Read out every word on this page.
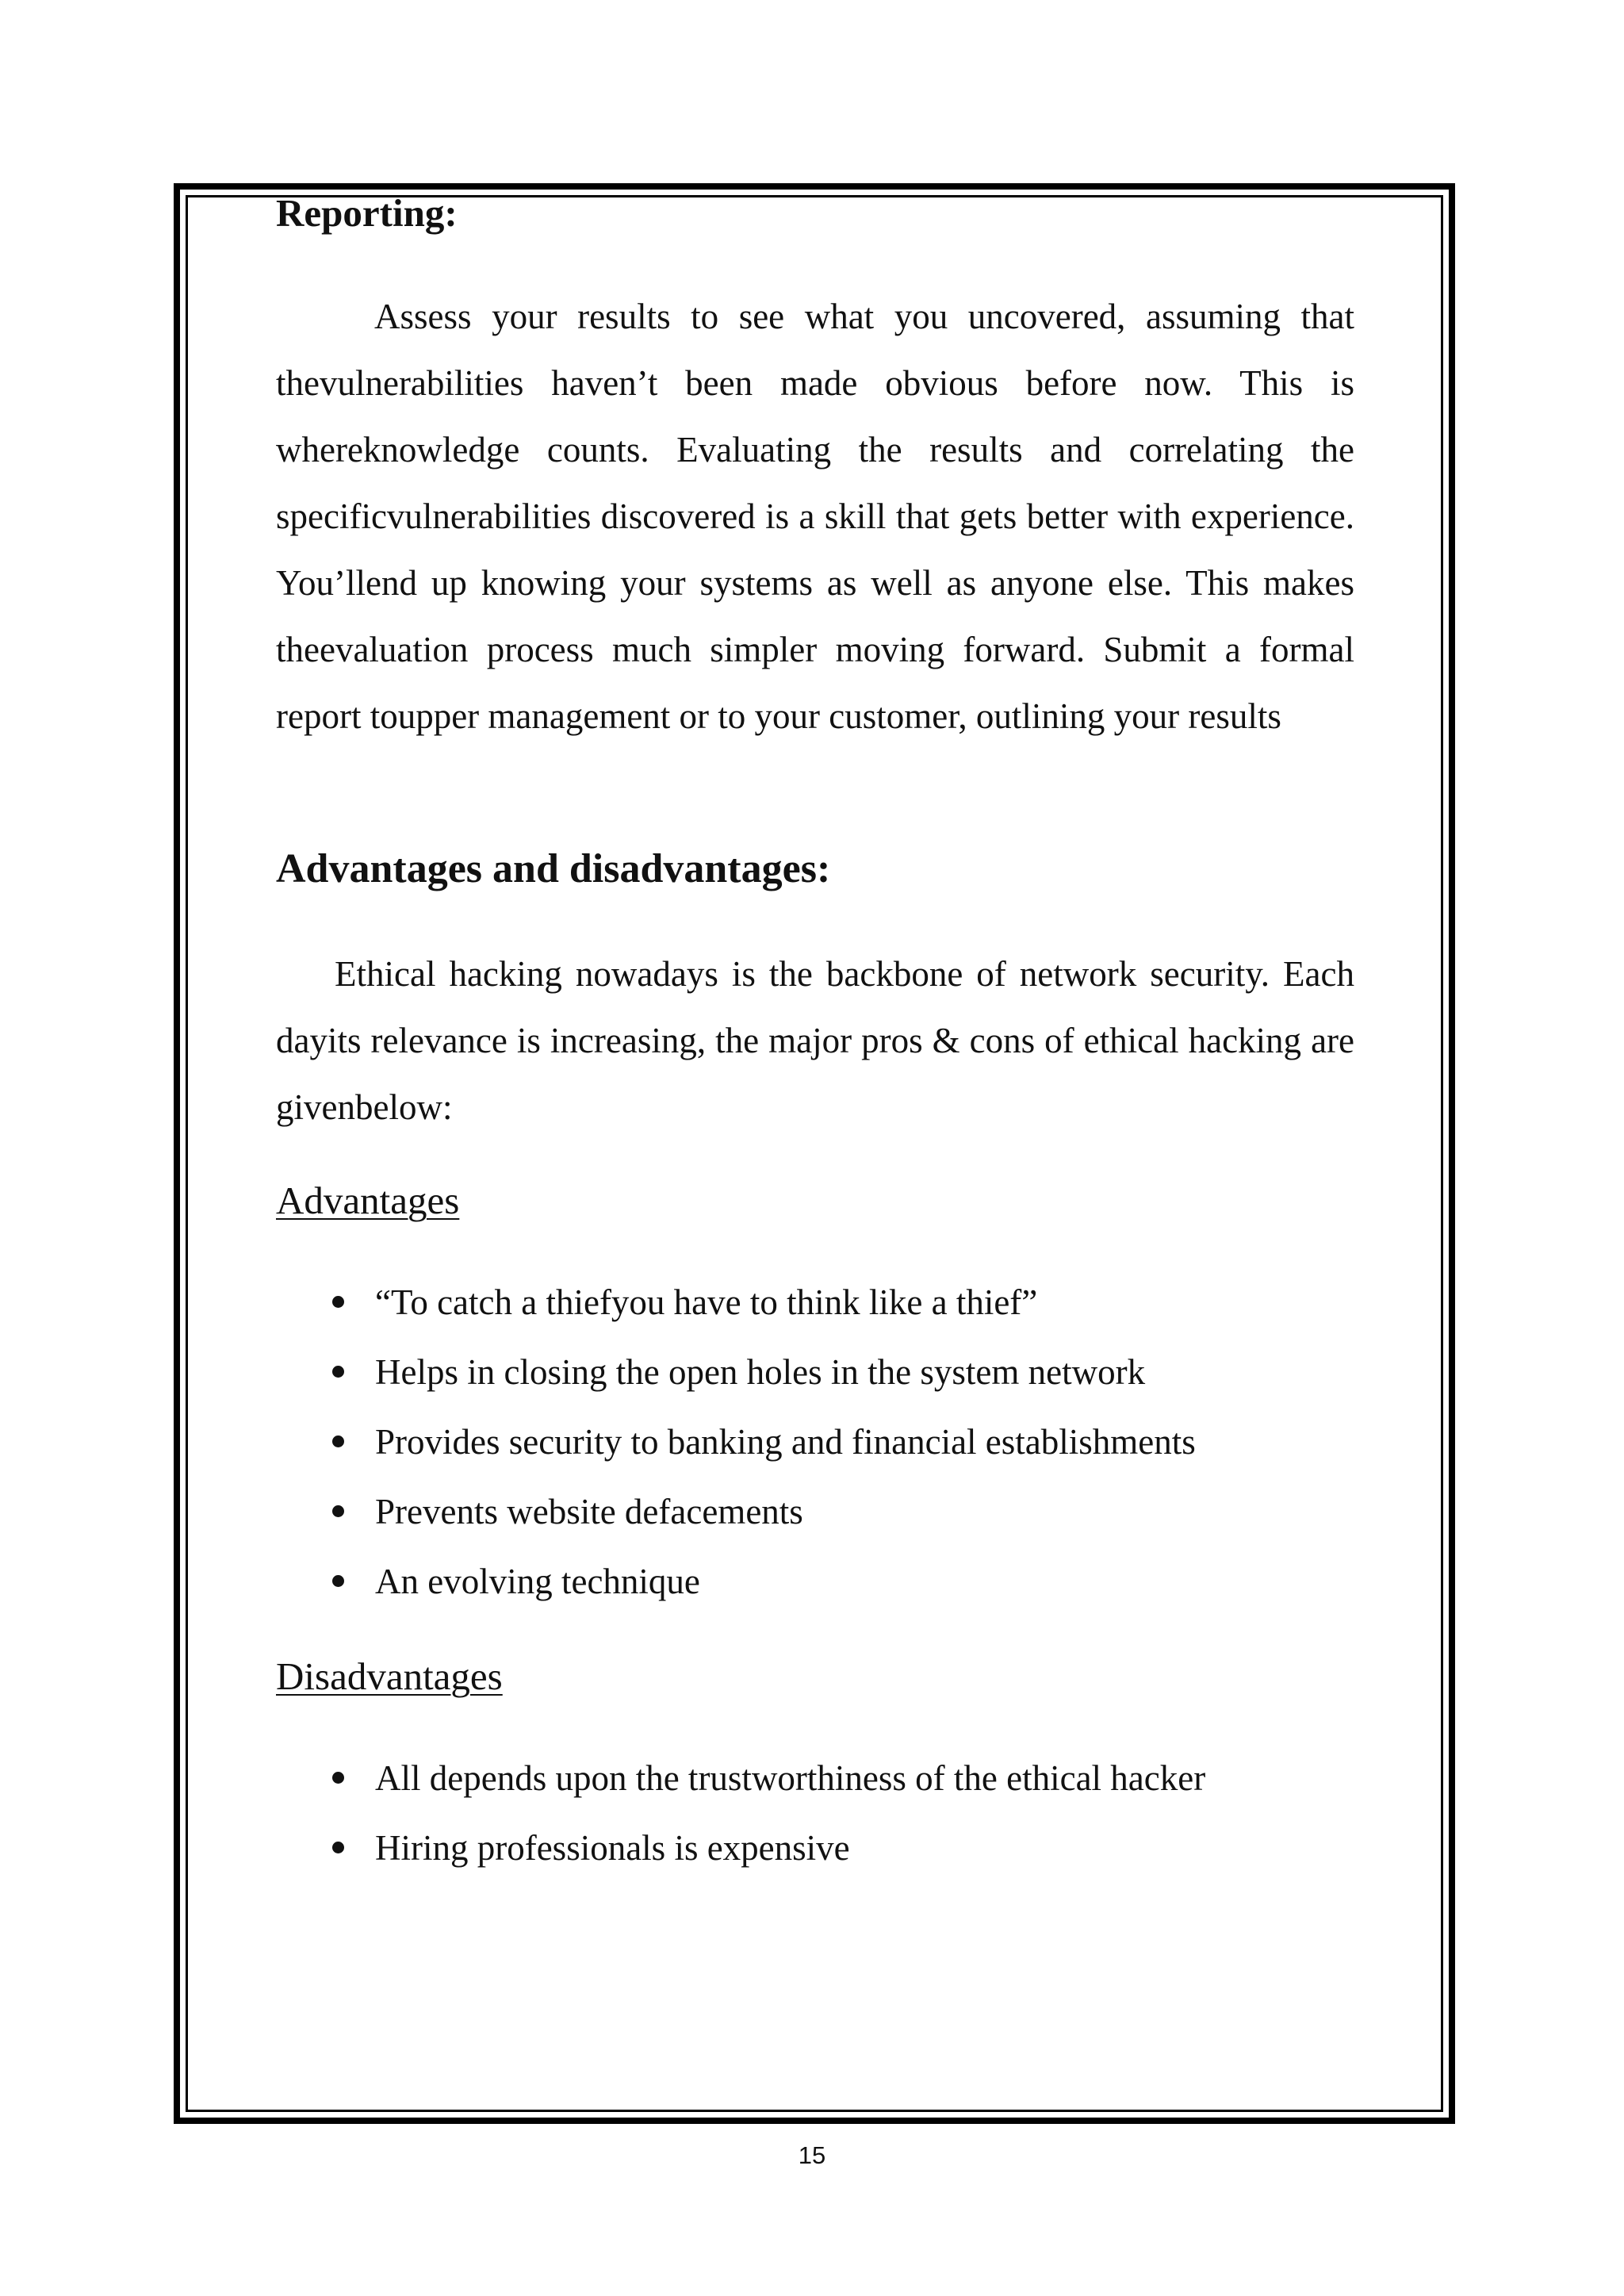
Reporting:

Assess your results to see what you uncovered, assuming that thevulnerabilities haven’t been made obvious before now. This is whereknowledge counts. Evaluating the results and correlating the specificvulnerabilities discovered is a skill that gets better with experience. You’llend up knowing your systems as well as anyone else. This makes theevaluation process much simpler moving forward. Submit a formal report toupper management or to your customer, outlining your results

Advantages and disadvantages:

Ethical hacking nowadays is the backbone of network security. Each dayits relevance is increasing, the major pros & cons of ethical hacking are givenbelow:

Advantages
“To catch a thiefyou have to think like a thief”
Helps in closing the open holes in the system network
Provides security to banking and financial establishments
Prevents website defacements
An evolving technique
Disadvantages
All depends upon the trustworthiness of the ethical hacker
Hiring professionals is expensive
15
